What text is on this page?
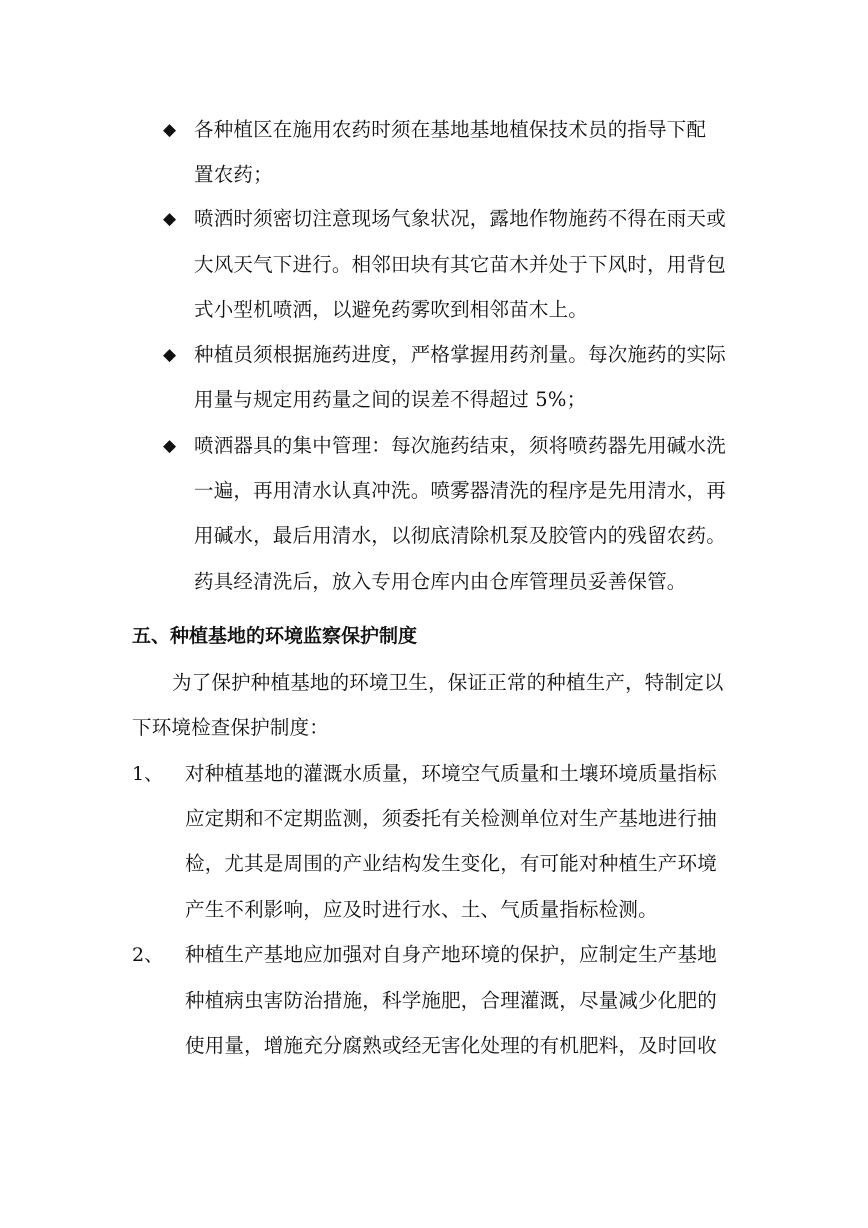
◆ 各种植区在施用农药时须在基地基地植保技术员的指导下配
置农药；
◆ 喷洒时须密切注意现场气象状况，露地作物施药不得在雨天或
大风天气下进行。相邻田块有其它苗木并处于下风时，用背包
式小型机喷洒，以避免药雾吹到相邻苗木上。
◆ 种植员须根据施药进度，严格掌握用药剂量。每次施药的实际
用量与规定用药量之间的误差不得超过 5%；
◆ 喷洒器具的集中管理：每次施药结束，须将喷药器先用碱水洗
一遍，再用清水认真冲洗。喷雾器清洗的程序是先用清水，再
用碱水，最后用清水，以彻底清除机泵及胶管内的残留农药。
药具经清洗后，放入专用仓库内由仓库管理员妥善保管。
五、种植基地的环境监察保护制度
为了保护种植基地的环境卫生，保证正常的种植生产，特制定以
下环境检查保护制度：
1、 对种植基地的灌溉水质量，环境空气质量和土壤环境质量指标
应定期和不定期监测，须委托有关检测单位对生产基地进行抽
检，尤其是周围的产业结构发生变化，有可能对种植生产环境
产生不利影响，应及时进行水、土、气质量指标检测。
2、 种植生产基地应加强对自身产地环境的保护，应制定生产基地
种植病虫害防治措施，科学施肥，合理灌溉，尽量减少化肥的
使用量，增施充分腐熟或经无害化处理的有机肥料，及时回收
